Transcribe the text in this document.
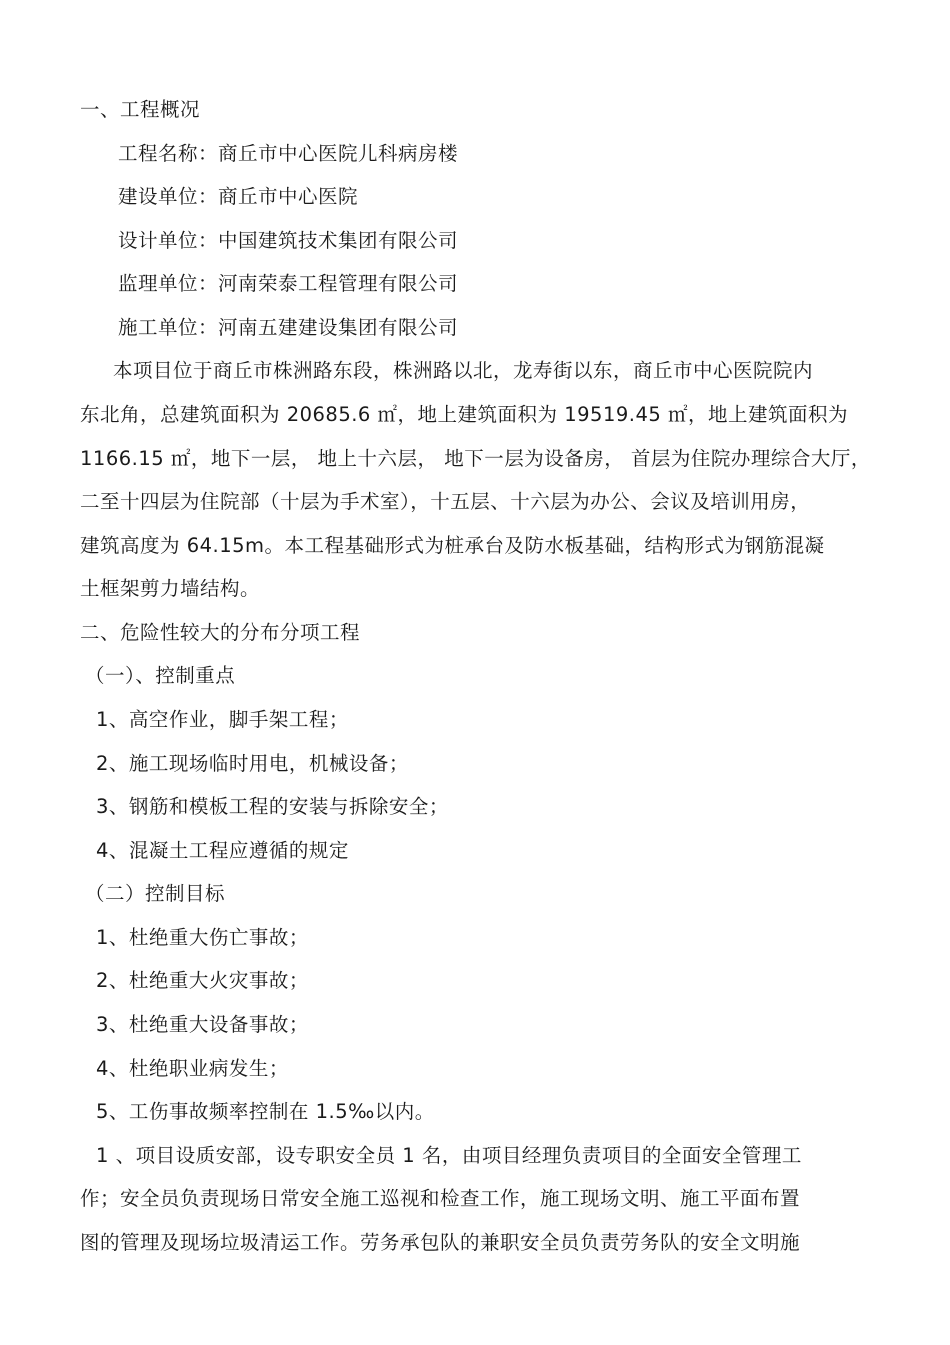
一、工程概况
工程名称：商丘市中心医院儿科病房楼
建设单位：商丘市中心医院
设计单位：中国建筑技术集团有限公司
监理单位：河南荣泰工程管理有限公司
施工单位：河南五建建设集团有限公司
本项目位于商丘市株洲路东段，株洲路以北，龙寿街以东，商丘市中心医院院内
东北角，总建筑面积为 20685.6 ㎡，地上建筑面积为 19519.45 ㎡，地上建筑面积为
1166.15 ㎡，地下一层， 地上十六层， 地下一层为设备房， 首层为住院办理综合大厅，
二至十四层为住院部（十层为手术室），十五层、十六层为办公、会议及培训用房，
建筑高度为 64.15m。本工程基础形式为桩承台及防水板基础，结构形式为钢筋混凝
土框架剪力墙结构。
二、危险性较大的分布分项工程
（一）、控制重点
1、高空作业，脚手架工程；
2、施工现场临时用电，机械设备；
3、钢筋和模板工程的安装与拆除安全；
4、混凝土工程应遵循的规定
（二）控制目标
1、杜绝重大伤亡事故；
2、杜绝重大火灾事故；
3、杜绝重大设备事故；
4、杜绝职业病发生；
5、工伤事故频率控制在 1.5‰以内。
1 、项目设质安部，设专职安全员 1 名，由项目经理负责项目的全面安全管理工
作；安全员负责现场日常安全施工巡视和检查工作，施工现场文明、施工平面布置
图的管理及现场垃圾清运工作。劳务承包队的兼职安全员负责劳务队的安全文明施
